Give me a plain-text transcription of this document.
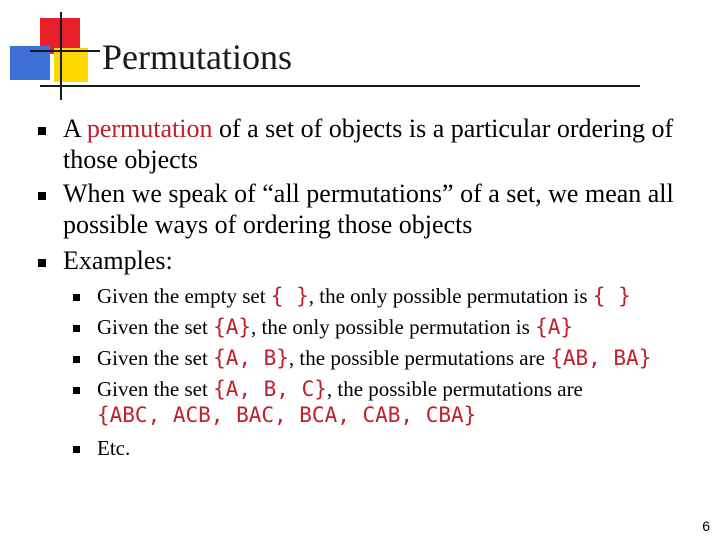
Permutations
A permutation of a set of objects is a particular ordering of those objects
When we speak of “all permutations” of a set, we mean all possible ways of ordering those objects
Examples:
Given the empty set { }, the only possible permutation is { }
Given the set {A}, the only possible permutation is {A}
Given the set {A, B}, the possible permutations are {AB, BA}
Given the set {A, B, C}, the possible permutations are
{ABC, ACB, BAC, BCA, CAB, CBA}
Etc.
6
